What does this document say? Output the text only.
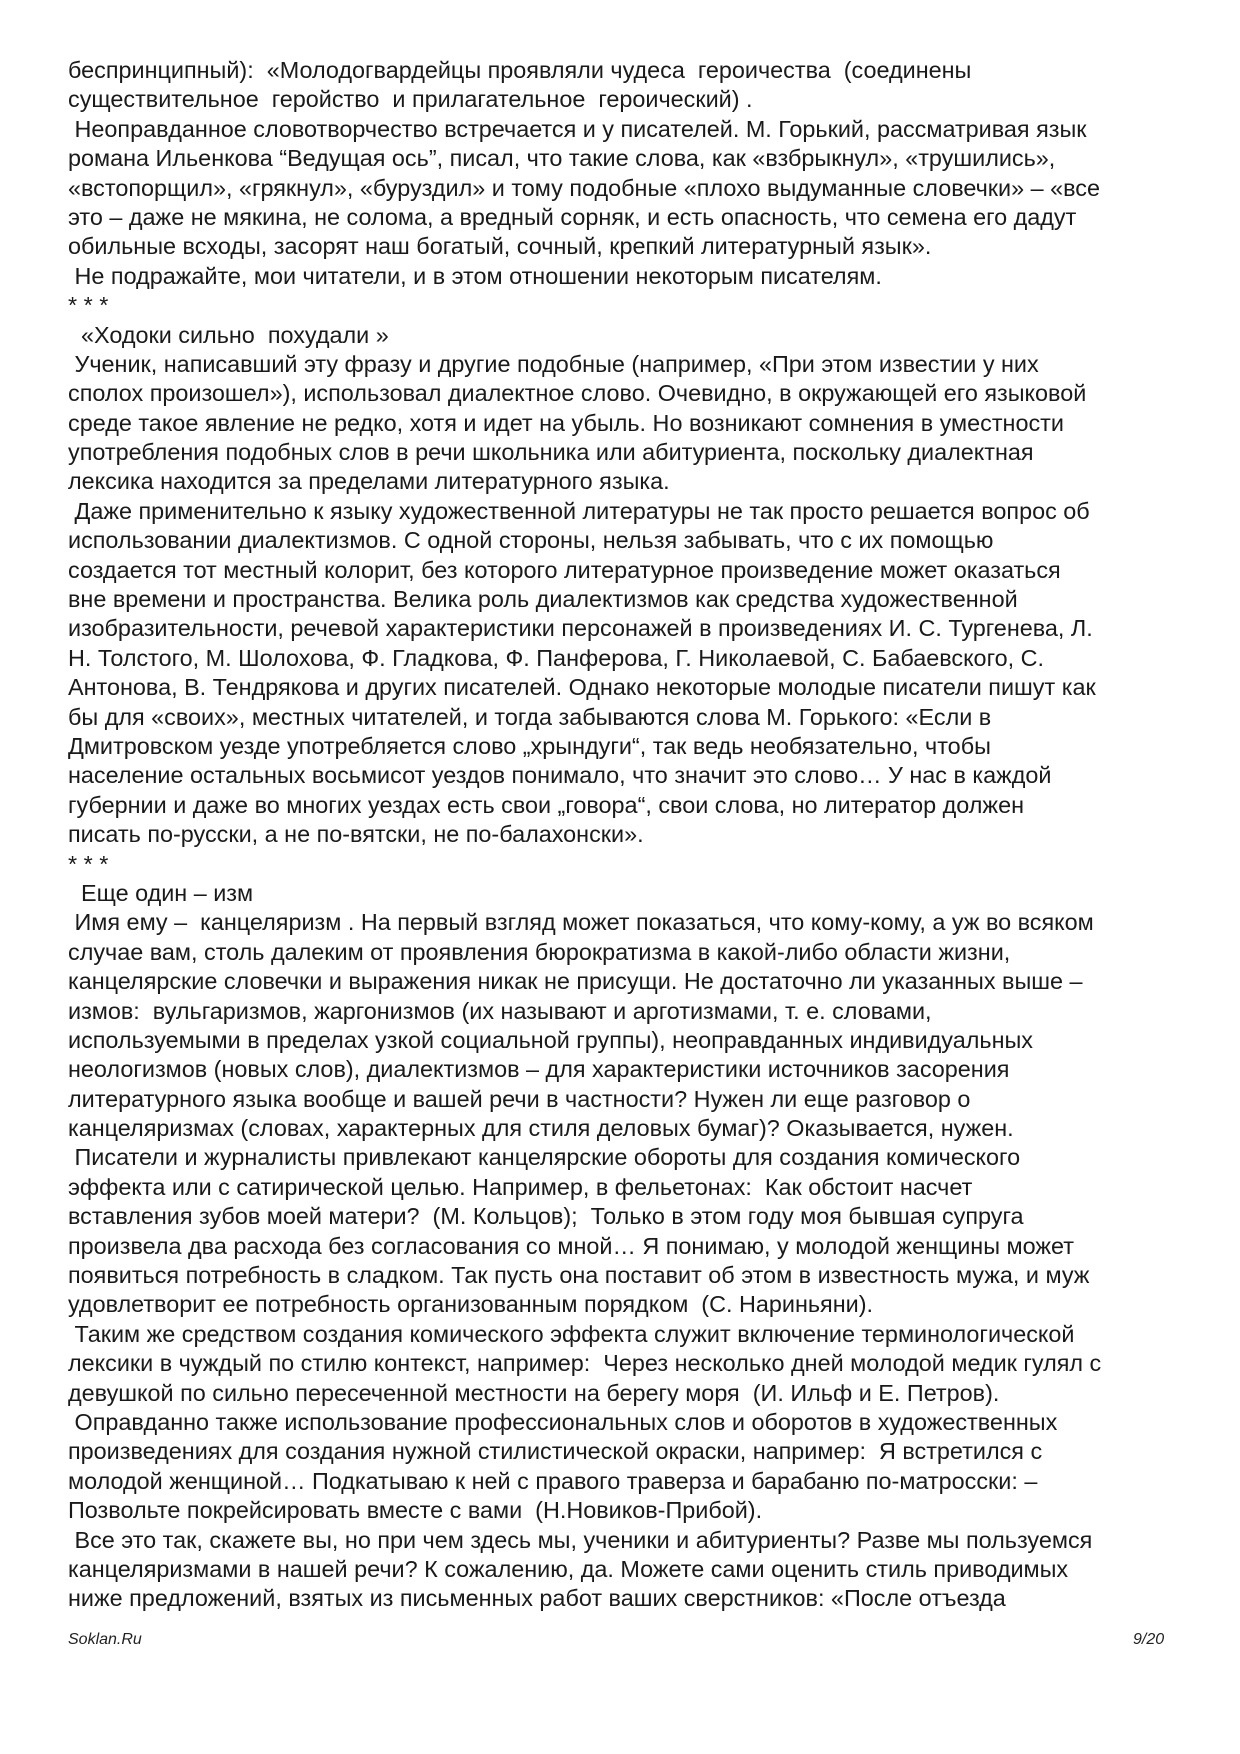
беспринципный):  «Молодогвардейцы проявляли чудеса  героичества  (соединены
существительное  геройство  и прилагательное  героический) .
Неоправданное словотворчество встречается и у писателей. М. Горький, рассматривая язык
романа Ильенкова “Ведущая ось”, писал, что такие слова, как «взбрыкнул», «трушились»,
«встопорщил», «грякнул», «буруздил» и тому подобные «плохо выдуманные словечки» – «все
это – даже не мякина, не солома, а вредный сорняк, и есть опасность, что семена его дадут
обильные всходы, засорят наш богатый, сочный, крепкий литературный язык».
Не подражайте, мои читатели, и в этом отношении некоторым писателям.
* * *
«Ходоки сильно  похудали »
Ученик, написавший эту фразу и другие подобные (например, «При этом известии у них
сполох произошел»), использовал диалектное слово. Очевидно, в окружающей его языковой
среде такое явление не редко, хотя и идет на убыль. Но возникают сомнения в уместности
употребления подобных слов в речи школьника или абитуриента, поскольку диалектная
лексика находится за пределами литературного языка.
Даже применительно к языку художественной литературы не так просто решается вопрос об
использовании диалектизмов. С одной стороны, нельзя забывать, что с их помощью
создается тот местный колорит, без которого литературное произведение может оказаться
вне времени и пространства. Велика роль диалектизмов как средства художественной
изобразительности, речевой характеристики персонажей в произведениях И. С. Тургенева, Л.
Н. Толстого, М. Шолохова, Ф. Гладкова, Ф. Панферова, Г. Николаевой, С. Бабаевского, С.
Антонова, В. Тендрякова и других писателей. Однако некоторые молодые писатели пишут как
бы для «своих», местных читателей, и тогда забываются слова М. Горького: «Если в
Дмитровском уезде употребляется слово „хрындуги“, так ведь необязательно, чтобы
население остальных восьмисот уездов понимало, что значит это слово… У нас в каждой
губернии и даже во многих уездах есть свои „говора“, свои слова, но литератор должен
писать по-русски, а не по-вятски, не по-балахонски».
* * *
Еще один – изм
Имя ему –  канцеляризм . На первый взгляд может показаться, что кому-кому, а уж во всяком
случае вам, столь далеким от проявления бюрократизма в какой-либо области жизни,
канцелярские словечки и выражения никак не присущи. Не достаточно ли указанных выше –
измов:  вульгаризмов, жаргонизмов (их называют и арготизмами, т. е. словами,
используемыми в пределах узкой социальной группы), неоправданных индивидуальных
неологизмов (новых слов), диалектизмов – для характеристики источников засорения
литературного языка вообще и вашей речи в частности? Нужен ли еще разговор о
канцеляризмах (словах, характерных для стиля деловых бумаг)? Оказывается, нужен.
Писатели и журналисты привлекают канцелярские обороты для создания комического
эффекта или с сатирической целью. Например, в фельетонах:  Как обстоит насчет
вставления зубов моей матери?  (М. Кольцов);  Только в этом году моя бывшая супруга
произвела два расхода без согласования со мной… Я понимаю, у молодой женщины может
появиться потребность в сладком. Так пусть она поставит об этом в известность мужа, и муж
удовлетворит ее потребность организованным порядком  (С. Нариньяни).
Таким же средством создания комического эффекта служит включение терминологической
лексики в чуждый по стилю контекст, например:  Через несколько дней молодой медик гулял с
девушкой по сильно пересеченной местности на берегу моря  (И. Ильф и Е. Петров).
Оправданно также использование профессиональных слов и оборотов в художественных
произведениях для создания нужной стилистической окраски, например:  Я встретился с
молодой женщиной… Подкатываю к ней с правого траверза и барабаню по-матросски: –
Позвольте покрейсировать вместе с вами  (Н.Новиков-Прибой).
Все это так, скажете вы, но при чем здесь мы, ученики и абитуриенты? Разве мы пользуемся
канцеляризмами в нашей речи? К сожалению, да. Можете сами оценить стиль приводимых
ниже предложений, взятых из письменных работ ваших сверстников: «После отъезда
Soklan.Ru	9/20
